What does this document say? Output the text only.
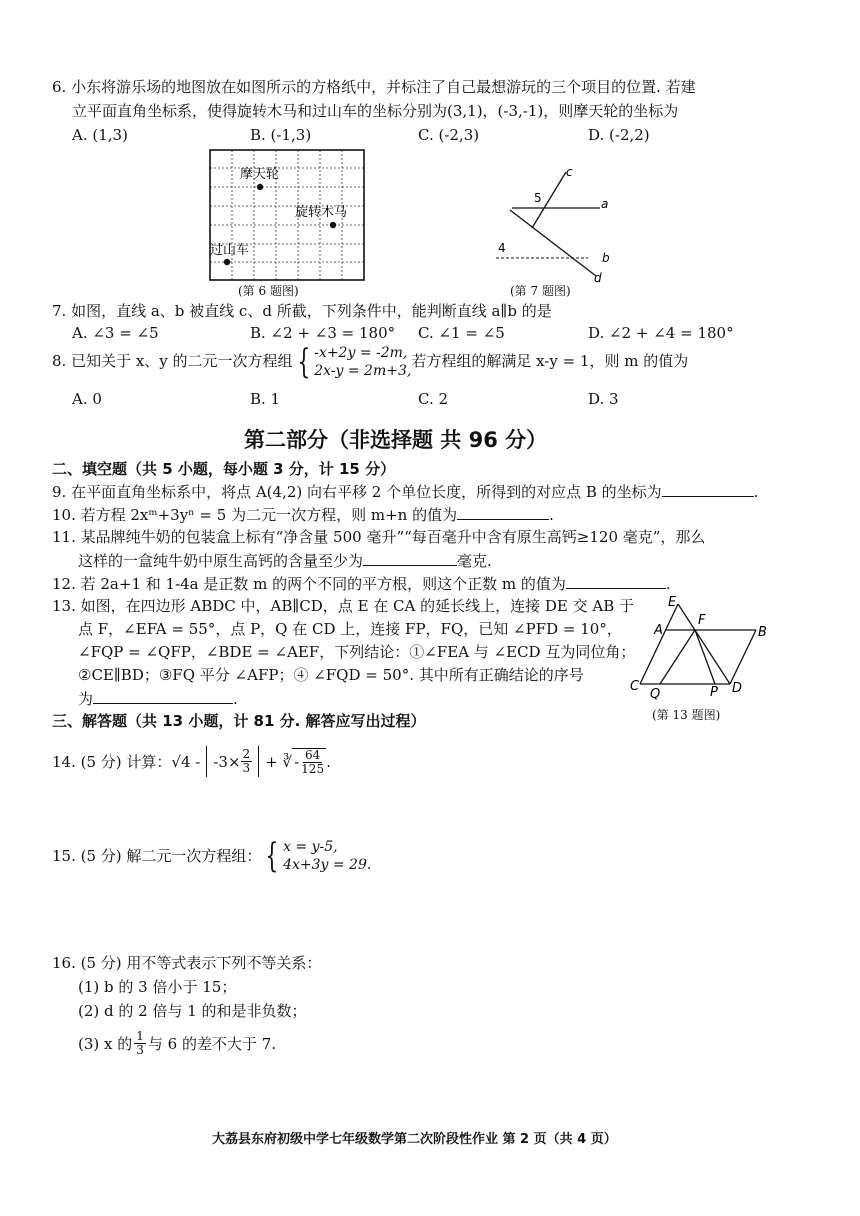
6. 小东将游乐场的地图放在如图所示的方格纸中，并标注了自己最想游玩的三个项目的位置. 若建
立平面直角坐标系，使得旋转木马和过山车的坐标分别为(3,1)，(-3,-1)，则摩天轮的坐标为
A. (1,3)	B. (-1,3)	C. (-2,3)	D. (-2,2)
摩天轮
旋转木马
过山车
(第 6 题图)
c
a
b
d
5
4
(第 7 题图)
7. 如图，直线 a、b 被直线 c、d 所截，下列条件中，能判断直线 a∥b 的是
A. ∠3 = ∠5	B. ∠2 + ∠3 = 180° C. ∠1 = ∠5	D. ∠2 + ∠4 = 180°
8. 已知关于 x、y 的二元一次方程组 { -x+2y = -2m,
2x-y = 2m+3,
若方程组的解满足 x-y = 1，则 m 的值为
A. 0	B. 1	C. 2	D. 3
第二部分（非选择题 共 96 分）
二、填空题（共 5 小题，每小题 3 分，计 15 分）
9. 在平面直角坐标系中，将点 A(4,2) 向右平移 2 个单位长度，所得到的对应点 B 的坐标为	.
10. 若方程 2xᵐ+3yⁿ = 5 为二元一次方程，则 m+n 的值为	.
11. 某品牌纯牛奶的包装盒上标有“净含量 500 毫升”“每百毫升中含有原生高钙≥120 毫克”，那么
这样的一盒纯牛奶中原生高钙的含量至少为	毫克.
12. 若 2a+1 和 1-4a 是正数 m 的两个不同的平方根，则这个正数 m 的值为	.
13. 如图，在四边形 ABDC 中，AB∥CD，点 E 在 CA 的延长线上，连接 DE 交 AB 于
点 F，∠EFA = 55°，点 P，Q 在 CD 上，连接 FP，FQ，已知 ∠PFD = 10°，
∠FQP = ∠QFP，∠BDE = ∠AEF，下列结论：①∠FEA 与 ∠ECD 互为同位角；
②CE∥BD；③FQ 平分 ∠AFP；④ ∠FQD = 50°. 其中所有正确结论的序号
为	.
E
A
F
B
C
Q	P D
(第 13 题图)
三、解答题（共 13 小题，计 81 分. 解答应写出过程）
14. (5 分) 计算：$√4 - -3\times \frac{2}{3}$ + ∛ - $\frac{64}{125}$ .
15. (5 分) 解二元一次方程组： { x = y-5,
4x+3y = 29.
16. (5 分) 用不等式表示下列不等关系：
(1) b 的 3 倍小于 15；
(2) d 的 2 倍与 1 的和是非负数；
(3) x 的 $\frac{1}{3}$ 与 6 的差不大于 7.
大荔县东府初级中学七年级数学第二次阶段性作业 第 2 页（共 4 页）
